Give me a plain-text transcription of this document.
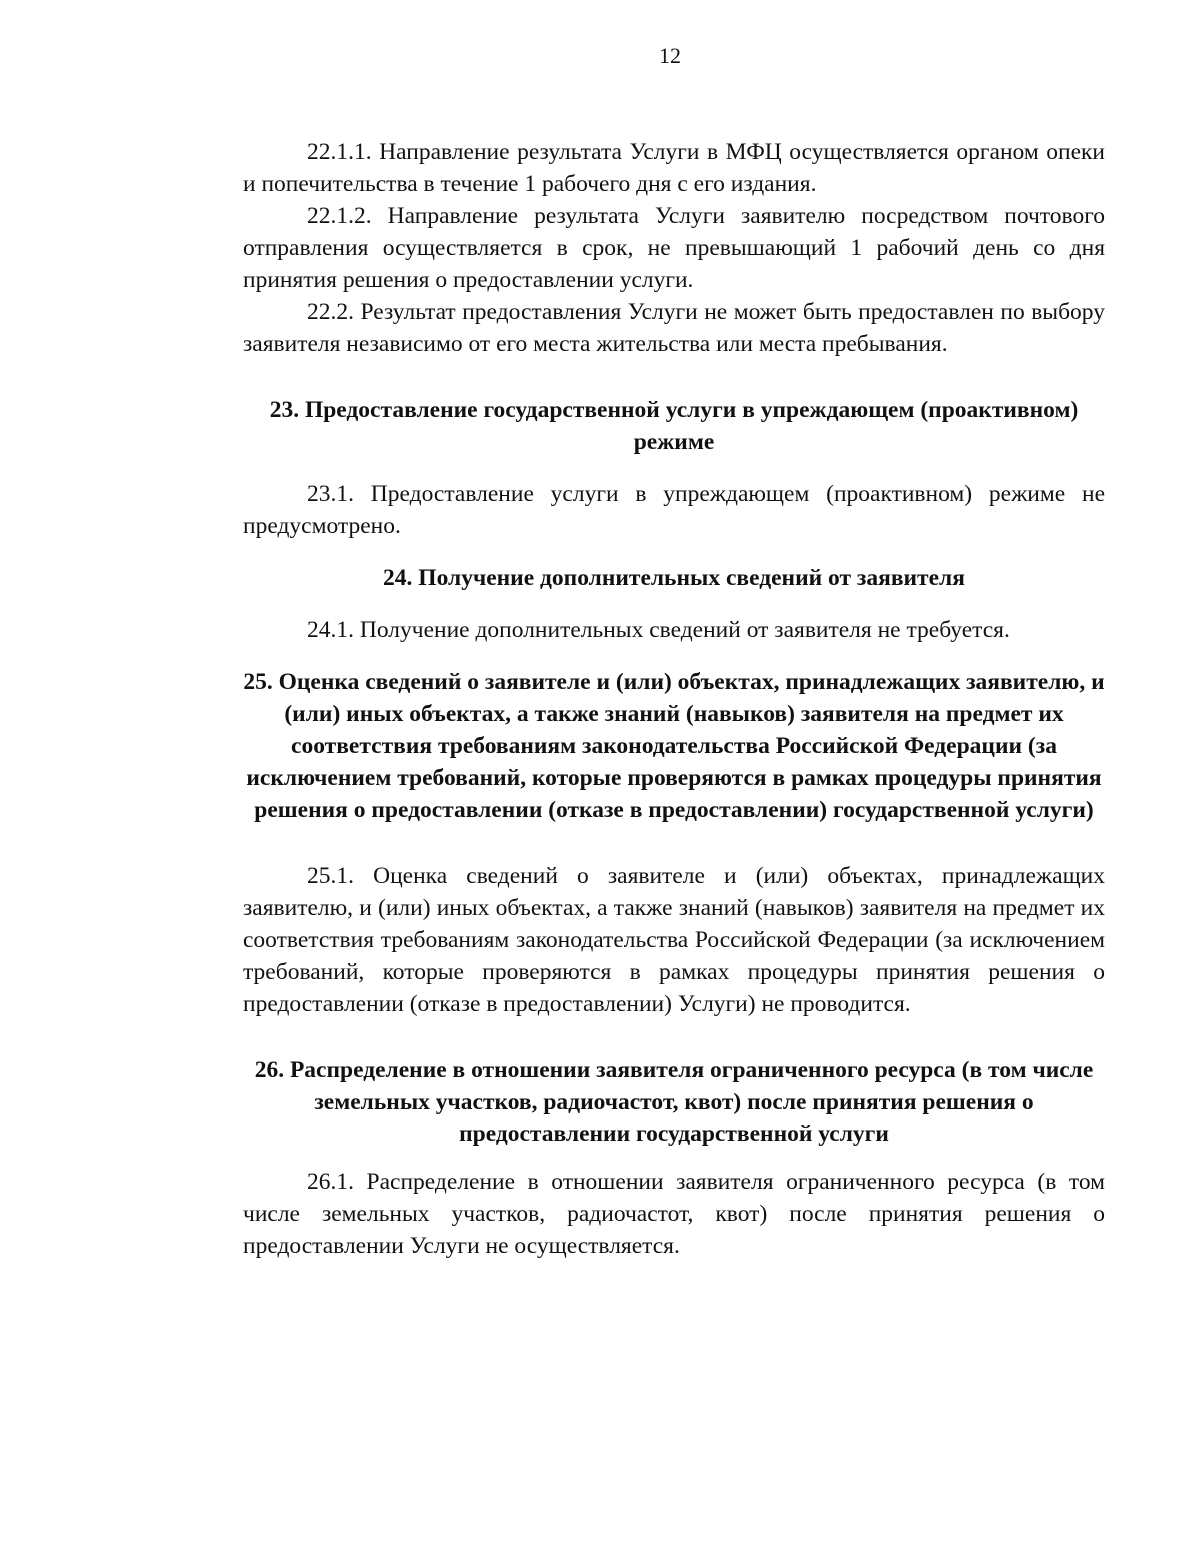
12

22.1.1. Направление результата Услуги в МФЦ осуществляется органом опеки и попечительства в течение 1 рабочего дня с его издания.

22.1.2. Направление результата Услуги заявителю посредством почтового отправления осуществляется в срок, не превышающий 1 рабочий день со дня принятия решения о предоставлении услуги.

22.2. Результат предоставления Услуги не может быть предоставлен по выбору заявителя независимо от его места жительства или места пребывания.

23. Предоставление государственной услуги в упреждающем (проактивном) режиме

23.1. Предоставление услуги в упреждающем (проактивном) режиме не предусмотрено.

24. Получение дополнительных сведений от заявителя

24.1. Получение дополнительных сведений от заявителя не требуется.

25. Оценка сведений о заявителе и (или) объектах, принадлежащих заявителю, и (или) иных объектах, а также знаний (навыков) заявителя на предмет их соответствия требованиям законодательства Российской Федерации (за исключением требований, которые проверяются в рамках процедуры принятия решения о предоставлении (отказе в предоставлении) государственной услуги)

25.1. Оценка сведений о заявителе и (или) объектах, принадлежащих заявителю, и (или) иных объектах, а также знаний (навыков) заявителя на предмет их соответствия требованиям законодательства Российской Федерации (за исключением требований, которые проверяются в рамках процедуры принятия решения о предоставлении (отказе в предоставлении) Услуги) не проводится.

26. Распределение в отношении заявителя ограниченного ресурса (в том числе земельных участков, радиочастот, квот) после принятия решения о предоставлении государственной услуги

26.1. Распределение в отношении заявителя ограниченного ресурса (в том числе земельных участков, радиочастот, квот) после принятия решения о предоставлении Услуги не осуществляется.
